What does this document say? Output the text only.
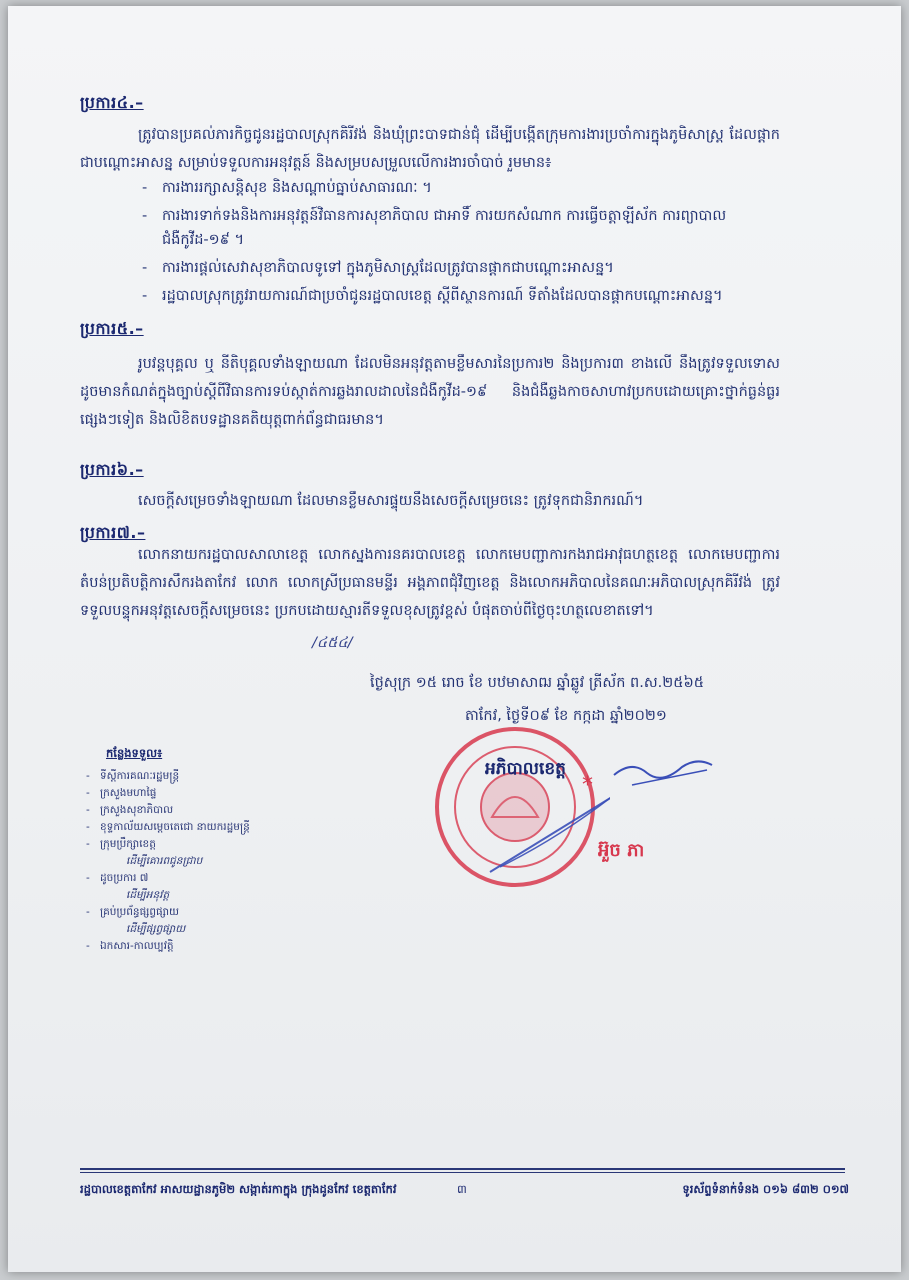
ប្រការ៤.–
ត្រូវបានប្រគល់ភារកិច្ចជូនរដ្ឋបាលស្រុកគិរីវង់ និងឃុំព្រះបាទជាន់ជុំ ដើម្បីបង្កើតក្រុមការងារប្រចាំការក្នុងភូមិសាស្ត្រ ដែលផ្ដាកជាបណ្ដោះអាសន្ន សម្រាប់ទទួលការអនុវត្តន៍ និងសម្របសម្រួលលើការងារចាំបាច់ រួមមាន៖
- ការងាររក្សាសន្តិសុខ និងសណ្ដាប់ធ្នាប់សាធារណៈ ។
- ការងារទាក់ទងនិងការអនុវត្តន៍វិធានការសុខាភិបាល ជាអាទិ៍ ការយកសំណាក ការធ្វើចត្តាឡីស័ក ការព្យាបាលជំងឺកូវីដ-១៩ ។
- ការងារផ្ដល់សេវាសុខាភិបាលទូទៅ ក្នុងភូមិសាស្ត្រដែលត្រូវបានផ្ដាកជាបណ្ដោះអាសន្ន។
- រដ្ឋបាលស្រុកត្រូវរាយការណ៍ជាប្រចាំជូនរដ្ឋបាលខេត្ត ស្ដីពីស្ថានការណ៍ ទីតាំងដែលបានផ្ដាកបណ្ដោះអាសន្ន។
ប្រការ៥.–
រូបវន្តបុគ្គល ឬ នីតិបុគ្គលទាំងឡាយណា ដែលមិនអនុវត្តតាមខ្លឹមសារនៃប្រការ២ និងប្រការ៣ ខាងលើ នឹងត្រូវទទួលទោសដូចមានកំណត់ក្នុងច្បាប់ស្ដីពីវិធានការទប់ស្កាត់ការឆ្លងរាលដាលនៃជំងឺកូវីដ-១៩ និងជំងឺឆ្លងកាចសាហាវប្រកបដោយគ្រោះថ្នាក់ធ្ងន់ធ្ងរផ្សេងៗទៀត និងលិខិតបទដ្ឋានគតិយុត្តពាក់ព័ន្ធជាធរមាន។
ប្រការ៦.–
សេចក្ដីសម្រេចទាំងឡាយណា ដែលមានខ្លឹមសារផ្ទុយនឹងសេចក្ដីសម្រេចនេះ ត្រូវទុកជានិរាករណ៍។
ប្រការ៧.–
លោកនាយករដ្ឋបាលសាលាខេត្ត លោកស្នងការនគរបាលខេត្ត លោកមេបញ្ជាការកងរាជអាវុធហត្ថខេត្ត លោកមេបញ្ជាការតំបន់ប្រតិបត្តិការសឹករងតាកែវ លោក លោកស្រីប្រធានមន្ទីរ អង្គភាពជុំវិញខេត្ត និងលោកអភិបាលនៃគណៈអភិបាលស្រុកគិរីវង់ ត្រូវទទួលបន្ទុកអនុវត្តសេចក្ដីសម្រេចនេះ ប្រកបដោយស្មារតីទទួលខុសត្រូវខ្ពស់ បំផុតចាប់ពីថ្ងៃចុះហត្ថលេខាតទៅ។
/៤៥៤/
ថ្ងៃសុក្រ ១៥ រោច ខែ បឋមាសាឍ ឆ្នាំឆ្លូវ ត្រីស័ក ព.ស.២៥៦៥
តាកែវ, ថ្ងៃទី០៩ ខែ កក្កដា ឆ្នាំ២០២១
*
អភិបាលខេត្ត
អ៊ួច ភា
កន្លែងទទួល៖
- ទីស្ដីការគណៈរដ្ឋមន្ត្រី
- ក្រសួងមហាផ្ទៃ
- ក្រសួងសុខាភិបាល
- ខុទ្ទកាល័យសម្ដេចតេជោ នាយករដ្ឋមន្ត្រី
- ក្រុមប្រឹក្សាខេត្ត
ដើម្បីគោរពជូនជ្រាប
- ដូចប្រការ ៧
ដើម្បីអនុវត្ត
- គ្រប់ប្រព័ន្ធផ្សព្វផ្សាយ
ដើម្បីផ្សព្វផ្សាយ
- ឯកសារ-កាលប្បវត្តិ
រដ្ឋបាលខេត្តតាកែវ អាសយដ្ឋានភូមិ២ សង្កាត់រកាក្នុង ក្រុងដូនកែវ ខេត្តតាកែវ	៣	ទូរស័ព្ទទំនាក់ទំនង ០១៦ ៨៣២ ០១៧
